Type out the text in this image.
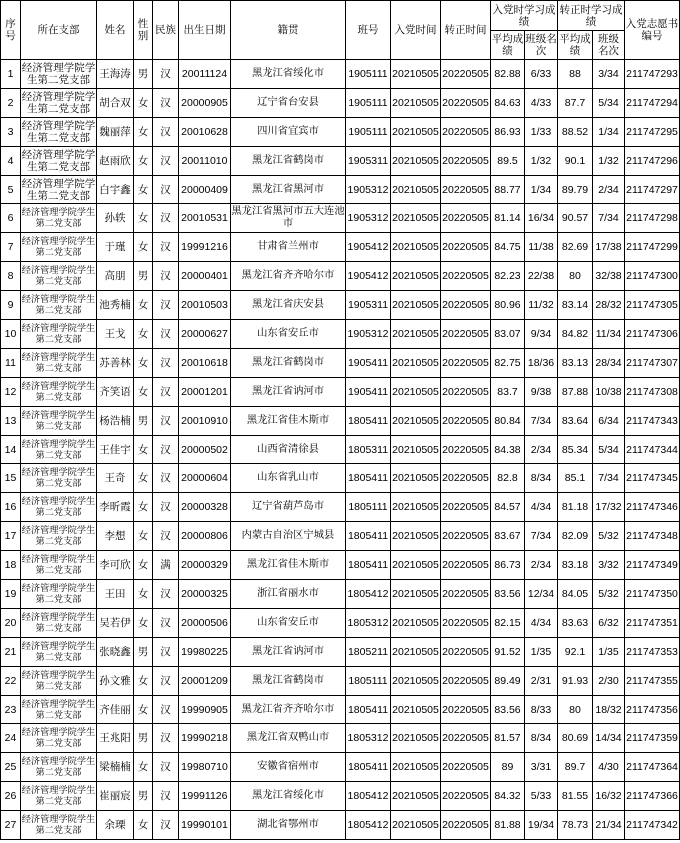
序号	所在支部	姓名	性别	民族	出生日期	籍贯	班号	入党时间	转正时间	入党时学习成绩		转正时学习成绩		入党志愿书编号
										平均成绩	班级名次	平均成绩	班级名次	
1	经济管理学院学生第二党支部	王海涛	男	汉	20011124	黑龙江省绥化市	1905111	20210505	20220505	82.88	6/33	88	3/34	211747293
2	经济管理学院学生第二党支部	胡合双	女	汉	20000905	辽宁省台安县	1905111	20210505	20220505	84.63	4/33	87.7	5/34	211747294
3	经济管理学院学生第二党支部	魏丽萍	女	汉	20010628	四川省宜宾市	1905111	20210505	20220505	86.93	1/33	88.52	1/34	211747295
4	经济管理学院学生第二党支部	赵雨欣	女	汉	20011010	黑龙江省鹤岗市	1905311	20210505	20220505	89.5	1/32	90.1	1/32	211747296
5	经济管理学院学生第二党支部	白宇鑫	女	汉	20000409	黑龙江省黑河市	1905312	20210505	20220505	88.77	1/34	89.79	2/34	211747297
6	经济管理学院学生第二党支部	孙轶	女	汉	20010531	黑龙江省黑河市五大连池市	1905312	20210505	20220505	81.14	16/34	90.57	7/34	211747298
7	经济管理学院学生第二党支部	于瑾	女	汉	19991216	甘肃省兰州市	1905412	20210505	20220505	84.75	11/38	82.69	17/38	211747299
8	经济管理学院学生第二党支部	高朋	男	汉	20000401	黑龙江省齐齐哈尔市	1905412	20210505	20220505	82.23	22/38	80	32/38	211747300
9	经济管理学院学生第二党支部	池秀楠	女	汉	20010503	黑龙江省庆安县	1905311	20210505	20220505	80.96	11/32	83.14	28/32	211747305
10	经济管理学院学生第二党支部	王戈	女	汉	20000627	山东省安丘市	1905312	20210505	20220505	83.07	9/34	84.82	11/34	211747306
11	经济管理学院学生第二党支部	苏善林	女	汉	20010618	黑龙江省鹤岗市	1905411	20210505	20220505	82.75	18/36	83.13	28/34	211747307
12	经济管理学院学生第二党支部	齐笑语	女	汉	20001201	黑龙江省讷河市	1905411	20210505	20220505	83.7	9/38	87.88	10/38	211747308
13	经济管理学院学生第二党支部	杨浩楠	男	汉	20010910	黑龙江省佳木斯市	1805411	20210505	20220505	80.84	7/34	83.64	6/34	211747343
14	经济管理学院学生第二党支部	王佳宇	女	汉	20000502	山西省清徐县	1805311	20210505	20220505	84.38	2/34	85.34	5/34	211747344
15	经济管理学院学生第二党支部	王奇	女	汉	20000604	山东省乳山市	1805411	20210505	20220505	82.8	8/34	85.1	7/34	211747345
16	经济管理学院学生第二党支部	李昕霞	女	汉	20000328	辽宁省葫芦岛市	1805111	20210505	20220505	84.57	4/34	81.18	17/32	211747346
17	经济管理学院学生第二党支部	李想	女	汉	20000806	内蒙古自治区宁城县	1805411	20210505	20220505	83.67	7/34	82.09	5/32	211747348
18	经济管理学院学生第二党支部	李可欣	女	满	20000329	黑龙江省佳木斯市	1805411	20210505	20220505	86.73	2/34	83.18	3/32	211747349
19	经济管理学院学生第二党支部	王田	女	汉	20000325	浙江省丽水市	1805412	20210505	20220505	83.56	12/34	84.05	5/32	211747350
20	经济管理学院学生第二党支部	吴若伊	女	汉	20000506	山东省安丘市	1805312	20210505	20220505	82.15	4/34	83.63	6/32	211747351
21	经济管理学院学生第二党支部	张晓鑫	男	汉	19980225	黑龙江省讷河市	1805211	20210505	20220505	91.52	1/35	92.1	1/35	211747353
22	经济管理学院学生第二党支部	孙文雅	女	汉	20001209	黑龙江省鹤岗市	1805111	20210505	20220505	89.49	2/31	91.93	2/30	211747355
23	经济管理学院学生第二党支部	齐佳丽	女	汉	19990905	黑龙江省齐齐哈尔市	1805411	20210505	20220505	83.56	8/33	80	18/32	211747356
24	经济管理学院学生第二党支部	王兆阳	男	汉	19990218	黑龙江省双鸭山市	1805312	20210505	20220505	81.57	8/34	80.69	14/34	211747359
25	经济管理学院学生第二党支部	梁楠楠	女	汉	19980710	安徽省宿州市	1805411	20210505	20220505	89	3/31	89.7	4/30	211747364
26	经济管理学院学生第二党支部	崔丽宸	男	汉	19991126	黑龙江省绥化市	1805412	20210505	20220505	84.32	5/33	81.55	16/32	211747366
27	经济管理学院学生第二党支部	余瑮	女	汉	19990101	湖北省鄂州市	1805412	20210505	20220505	81.88	19/34	78.73	21/34	211747342
